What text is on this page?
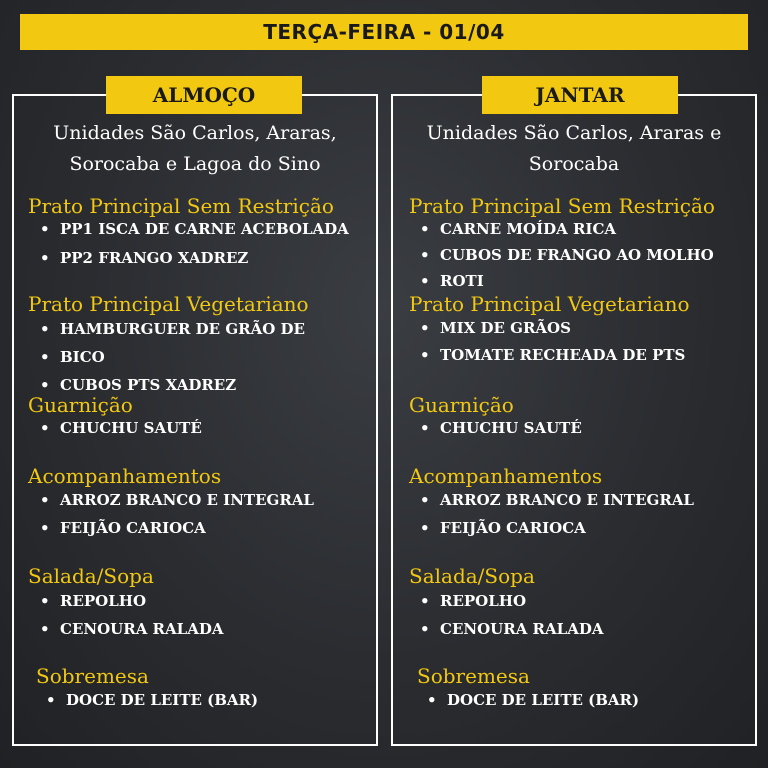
TERÇA-FEIRA - 01/04
ALMOÇO	JANTAR
Unidades São Carlos, Araras,
Sorocaba e Lagoa do Sino
Unidades São Carlos, Araras e
Sorocaba
Prato Principal Sem Restrição
• PP1 ISCA DE CARNE ACEBOLADA
• PP2 FRANGO XADREZ
Prato Principal Vegetariano
• HAMBURGUER DE GRÃO DE
• BICO
• CUBOS PTS XADREZ
Guarnição
• CHUCHU SAUTÉ
Acompanhamentos
• ARROZ BRANCO E INTEGRAL
• FEIJÃO CARIOCA
Salada/Sopa
• REPOLHO
• CENOURA RALADA
Sobremesa
• DOCE DE LEITE (BAR)
Prato Principal Sem Restrição
• CARNE MOÍDA RICA
• CUBOS DE FRANGO AO MOLHO
• ROTI
Prato Principal Vegetariano
• MIX DE GRÃOS
• TOMATE RECHEADA DE PTS
Guarnição
• CHUCHU SAUTÉ
Acompanhamentos
• ARROZ BRANCO E INTEGRAL
• FEIJÃO CARIOCA
Salada/Sopa
• REPOLHO
• CENOURA RALADA
Sobremesa
• DOCE DE LEITE (BAR)
